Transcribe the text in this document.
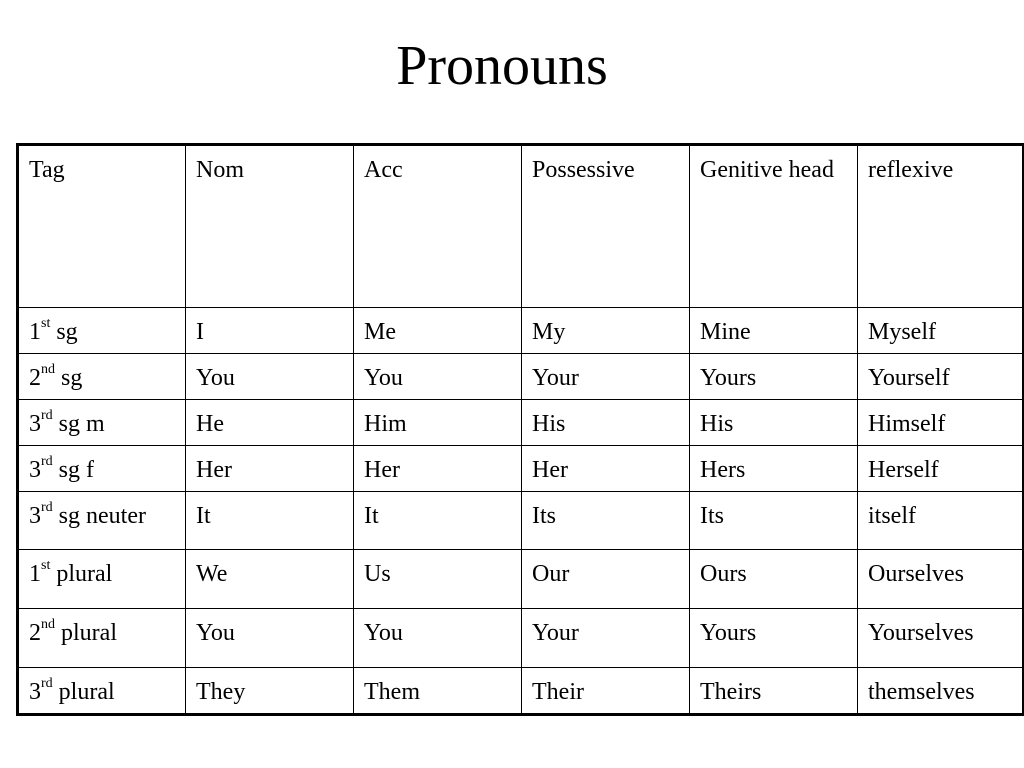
Pronouns
Tag	Nom	Acc	Possessive	Genitive head	reflexive
1st sg	I	Me	My	Mine	Myself
2nd sg	You	You	Your	Yours	Yourself
3rd sg m	He	Him	His	His	Himself
3rd sg f	Her	Her	Her	Hers	Herself
3rd sg neuter	It	It	Its	Its	itself
1st plural	We	Us	Our	Ours	Ourselves
2nd plural	You	You	Your	Yours	Yourselves
3rd plural	They	Them	Their	Theirs	themselves
